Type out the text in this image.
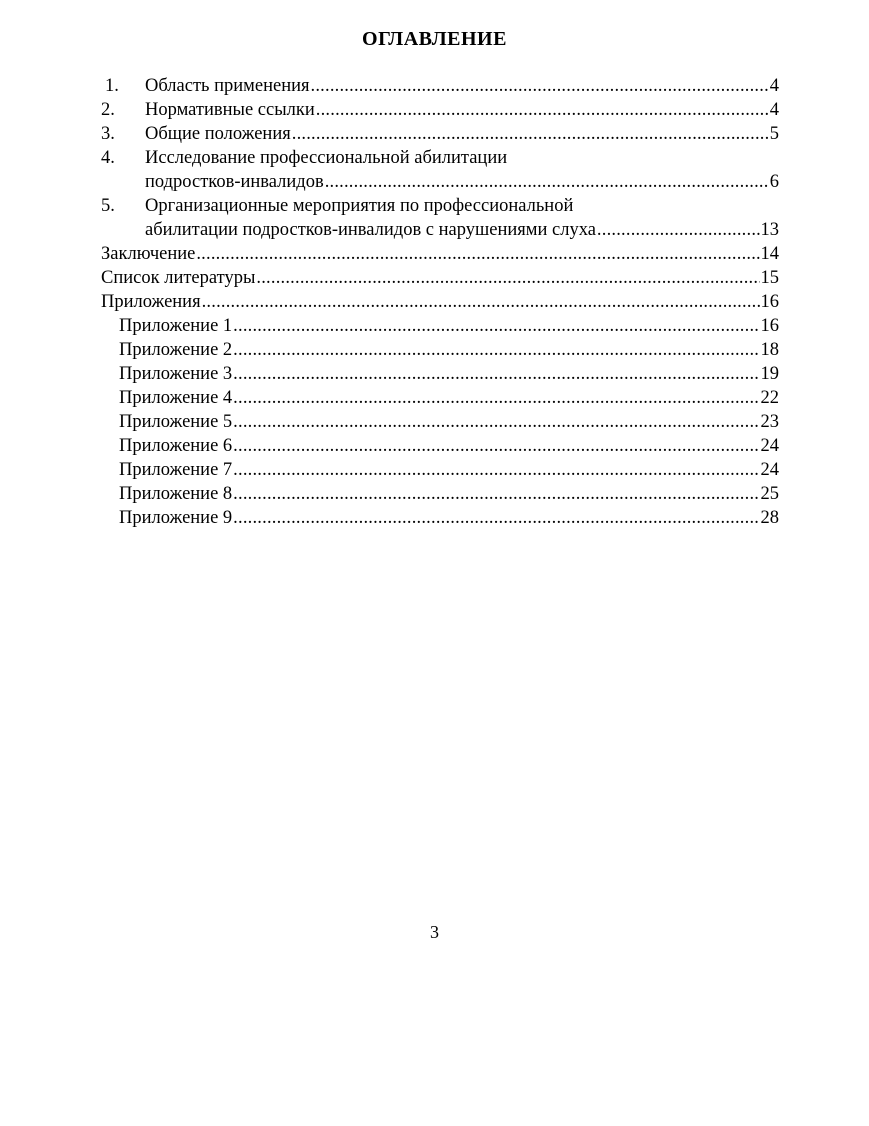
ОГЛАВЛЕНИЕ
1.	Область применения .....	4
2.	Нормативные ссылки .....	4
3.	Общие положения .....	5
4.	Исследование профессиональной абилитации
подростков-инвалидов .....	6
5.	Организационные мероприятия по профессиональной
абилитации подростков-инвалидов с нарушениями слуха .....	13
Заключение .....	14
Список литературы .....	15
Приложения .....	16
Приложение 1 .....	16
Приложение 2 .....	18
Приложение 3 .....	19
Приложение 4 .....	22
Приложение 5 .....	23
Приложение 6 .....	24
Приложение 7 .....	24
Приложение 8 .....	25
Приложение 9 .....	28
3
